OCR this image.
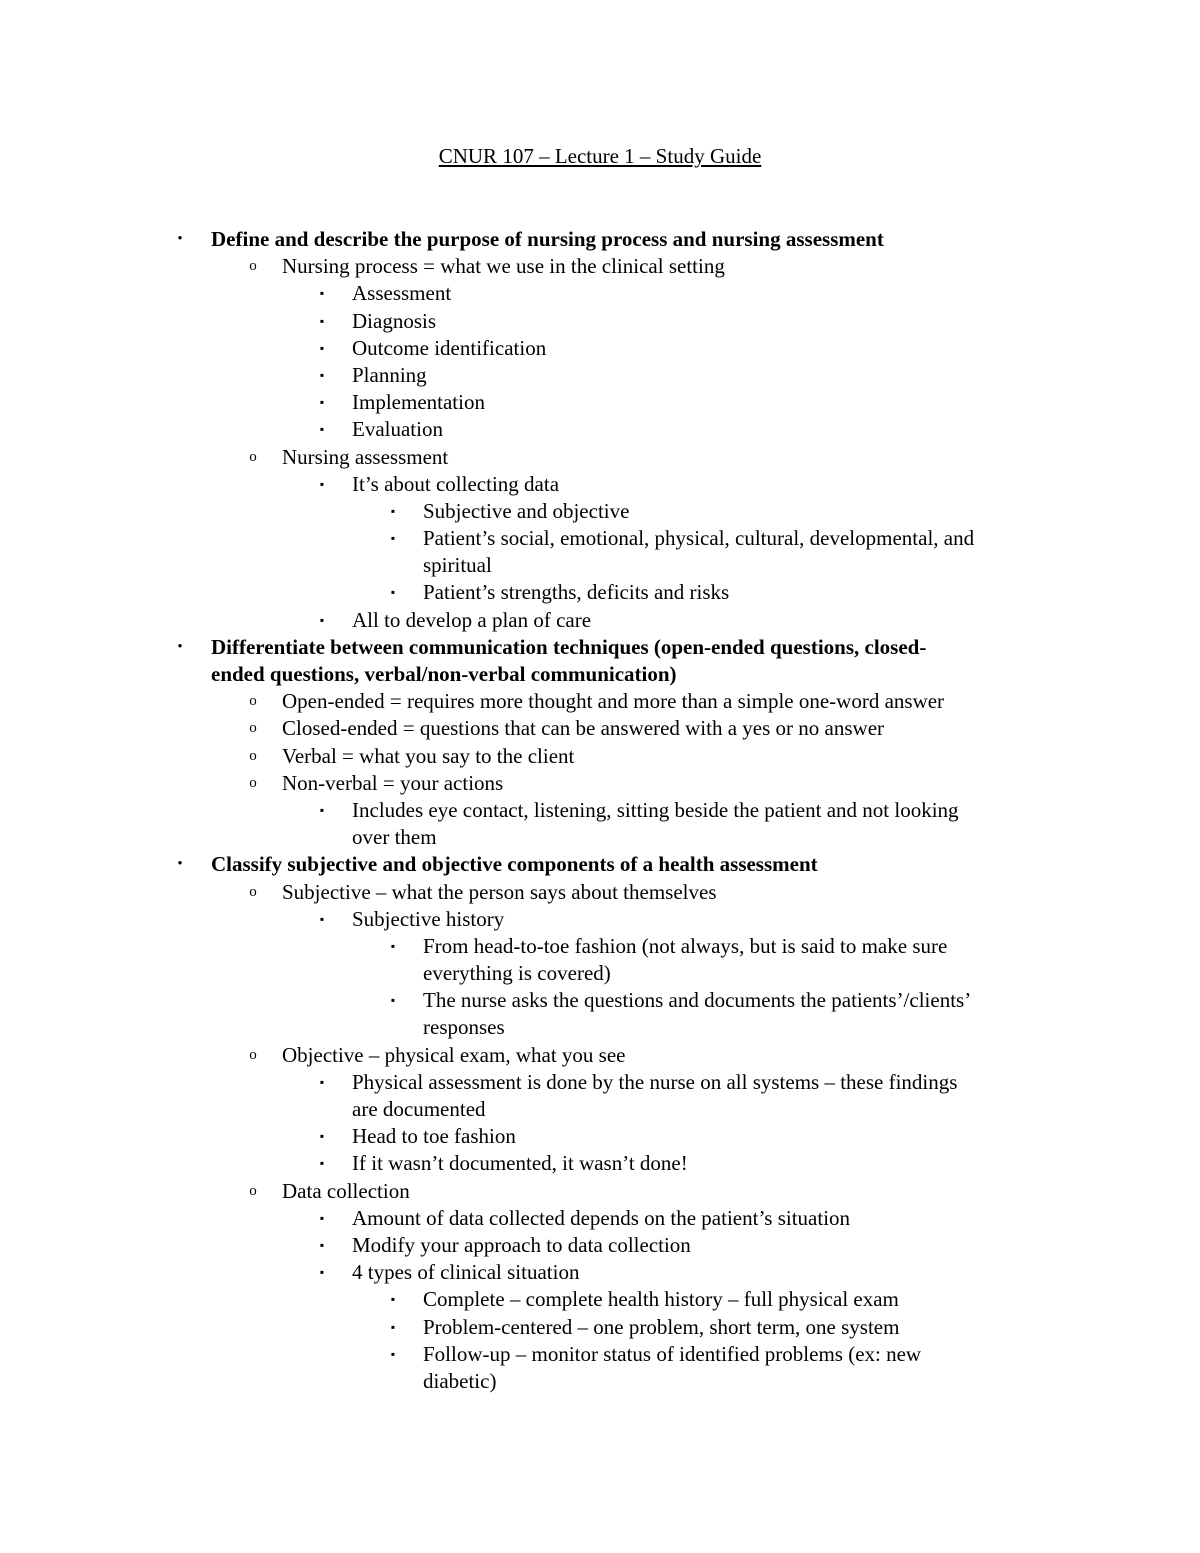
CNUR 107 – Lecture 1 – Study Guide
•	Define and describe the purpose of nursing process and nursing assessment
o Nursing process = what we use in the clinical setting
▪	Assessment
▪	Diagnosis
▪	Outcome identification
▪	Planning
▪	Implementation
▪	Evaluation
o Nursing assessment
▪	It’s about collecting data
▪	Subjective and objective
▪	Patient’s social, emotional, physical, cultural, developmental, and
spiritual
▪	Patient’s strengths, deficits and risks
▪	All to develop a plan of care
•	Differentiate between communication techniques (open-ended questions, closed-
ended questions, verbal/non-verbal communication)
o Open-ended = requires more thought and more than a simple one-word answer
o Closed-ended = questions that can be answered with a yes or no answer
o Verbal = what you say to the client
o Non-verbal = your actions
▪	Includes eye contact, listening, sitting beside the patient and not looking
over them
•	Classify subjective and objective components of a health assessment
o Subjective – what the person says about themselves
▪	Subjective history
▪	From head-to-toe fashion (not always, but is said to make sure
everything is covered)
▪	The nurse asks the questions and documents the patients’/clients’
responses
o Objective – physical exam, what you see
▪	Physical assessment is done by the nurse on all systems – these findings
are documented
▪	Head to toe fashion
▪	If it wasn’t documented, it wasn’t done!
o Data collection
▪	Amount of data collected depends on the patient’s situation
▪	Modify your approach to data collection
▪	4 types of clinical situation
▪	Complete – complete health history – full physical exam
▪	Problem-centered – one problem, short term, one system
▪	Follow-up – monitor status of identified problems (ex: new
diabetic)
